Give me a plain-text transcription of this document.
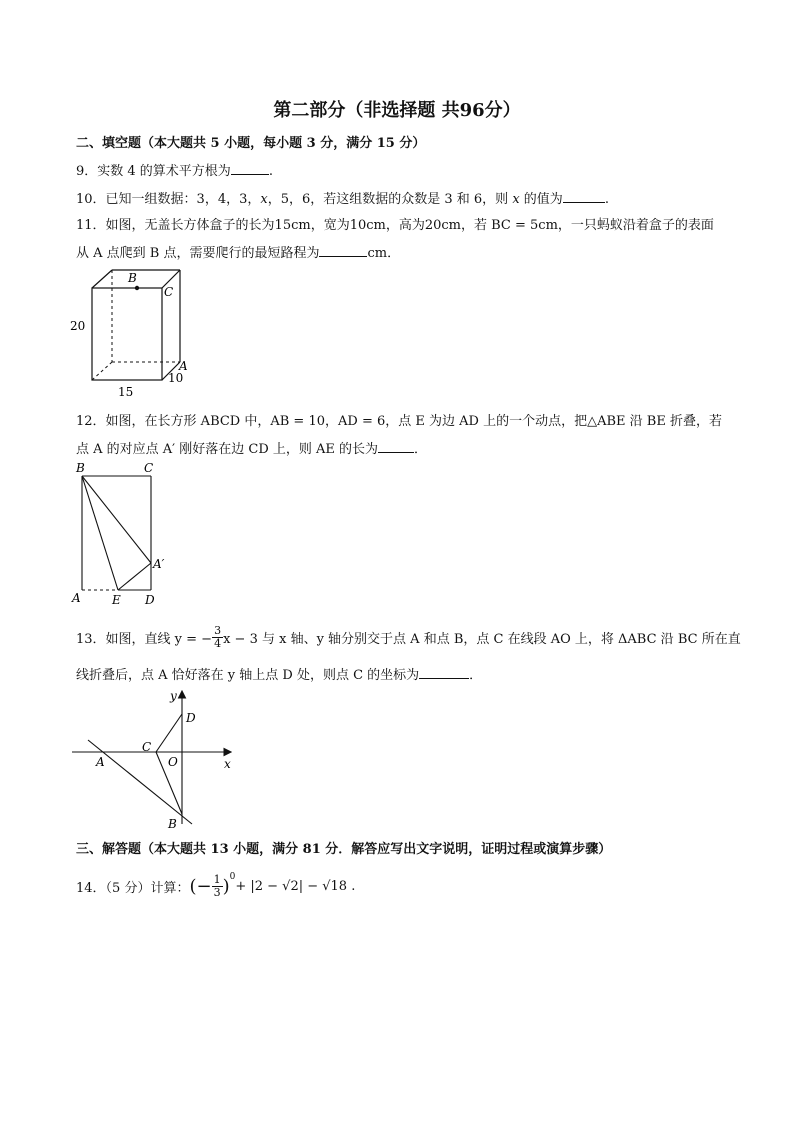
第二部分（非选择题 共96分）
二、填空题（本大题共 5 小题，每小题 3 分，满分 15 分）
9．实数 4 的算术平方根为	.
10．已知一组数据：3，4，3，x，5，6，若这组数据的众数是 3 和 6，则 x 的值为	.
11．如图，无盖长方体盒子的长为15cm，宽为10cm，高为20cm，若 BC = 5cm，一只蚂蚁沿着盒子的表面
从 A 点爬到 B 点，需要爬行的最短路程为	cm．
B
C
A
20
10
15
12．如图，在长方形 ABCD 中，AB = 10，AD = 6，点 E 为边 AD 上的一个动点，把△ABE 沿 BE 折叠，若
点 A 的对应点 A′ 刚好落在边 CD 上，则 AE 的长为	．
B	C
A′
A	E D
13．如图，直线 y = − $\frac{3}{4}$ x − 3 与 x 轴、y 轴分别交于点 A 和点 B，点 C 在线段 AO 上，将 ΔABC 沿 BC 所在直
线折叠后，点 A 恰好落在 y 轴上点 D 处，则点 C 的坐标为	．
y
x
D
C
A	O
B
三、解答题（本大题共 13 小题，满分 81 分．解答应写出文字说明，证明过程或演算步骤）
14．（5 分）计算： (− $\frac{1}{3} )^0$
+ |2 − √2| − √18 .
